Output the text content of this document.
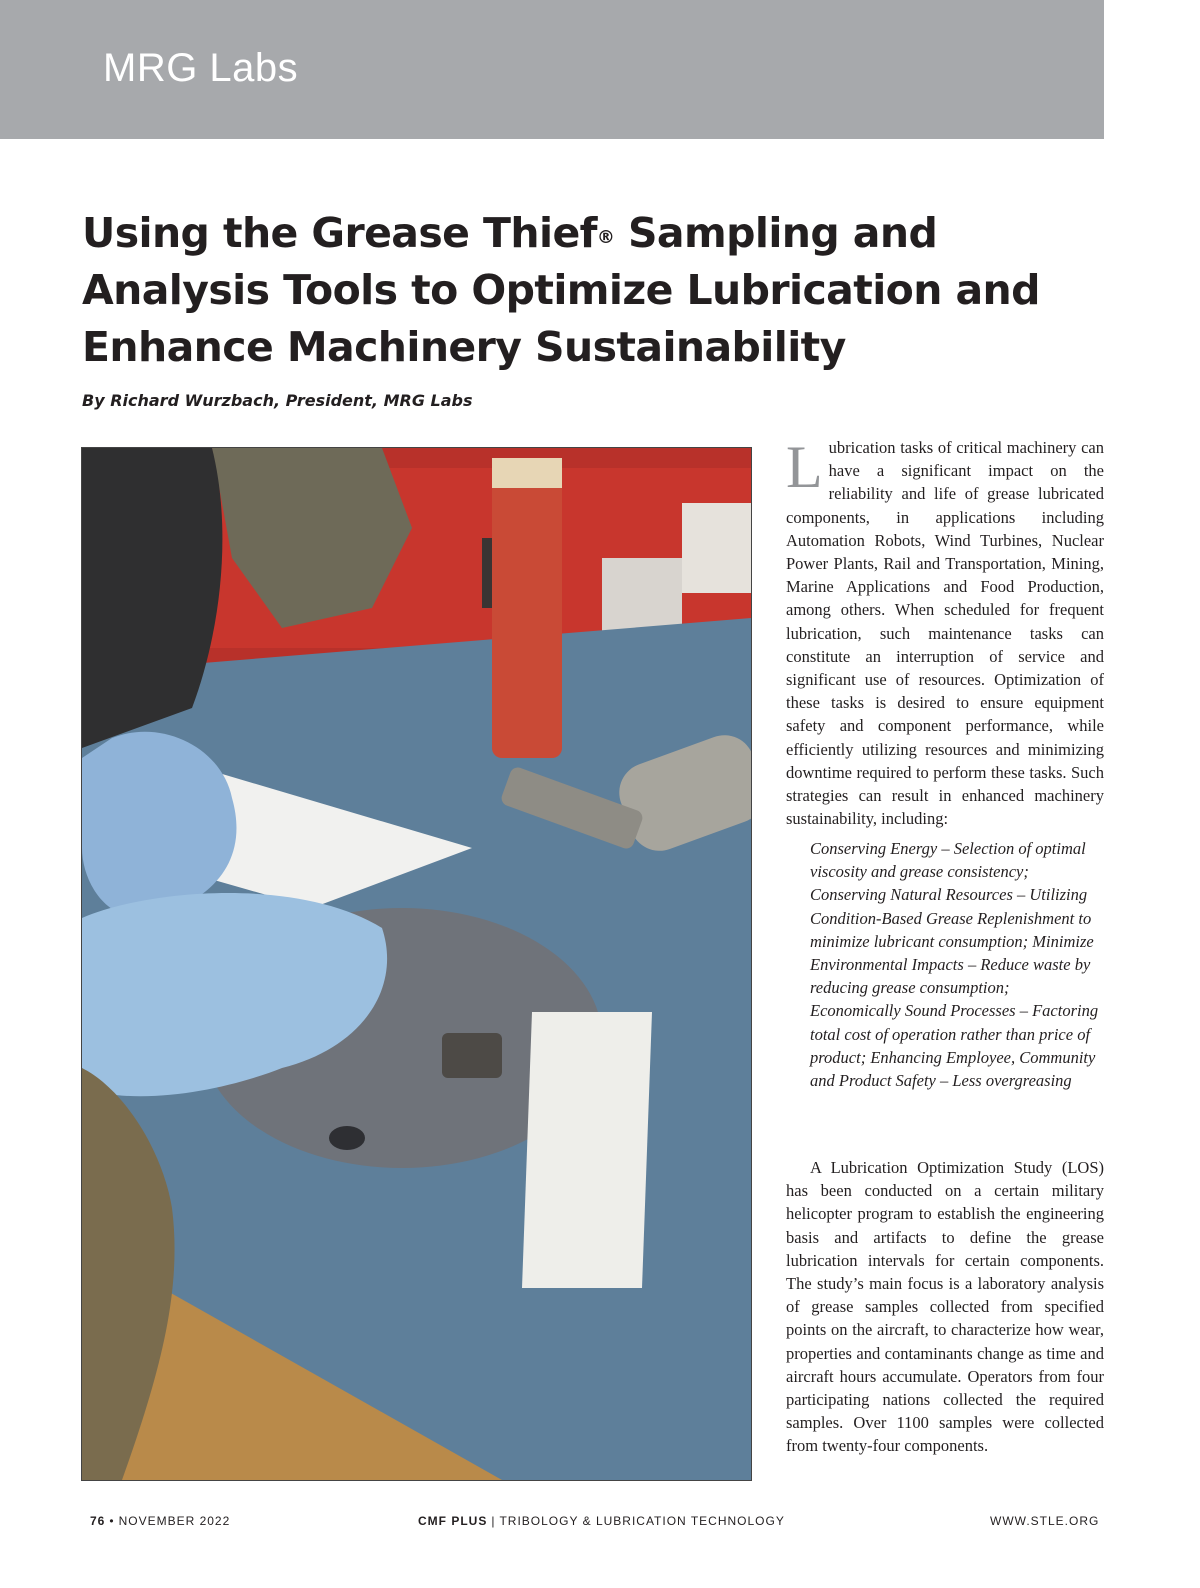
MRG Labs
Using the Grease Thief® Sampling and Analysis Tools to Optimize Lubrication and Enhance Machinery Sustainability
By Richard Wurzbach, President, MRG Labs

Lubrication tasks of critical machinery can have a significant impact on the reliability and life of grease lubricated components, in applications including Automation Robots, Wind Turbines, Nuclear Power Plants, Rail and Transportation, Mining, Marine Applications and Food Production, among others. When scheduled for frequent lubrication, such maintenance tasks can constitute an interruption of service and significant use of resources. Optimization of these tasks is desired to ensure equipment safety and component performance, while efficiently utilizing resources and minimizing downtime required to perform these tasks. Such strategies can result in enhanced machinery sustainability, including:

Conserving Energy – Selection of optimal viscosity and grease consistency; Conserving Natural Resources – Utilizing Condition-Based Grease Replenishment to minimize lubricant consumption; Minimize Environmental Impacts – Reduce waste by reducing grease consumption; Economically Sound Processes – Factoring total cost of operation rather than price of product; Enhancing Employee, Community and Product Safety – Less overgreasing

A Lubrication Optimization Study (LOS) has been conducted on a certain military helicopter program to establish the engineering basis and artifacts to define the grease lubrication intervals for certain components. The study’s main focus is a laboratory analysis of grease samples collected from specified points on the aircraft, to characterize how wear, properties and contaminants change as time and aircraft hours accumulate. Operators from four participating nations collected the required samples. Over 1100 samples were collected from twenty-four components.

76 • NOVEMBER 2022	CMF PLUS | TRIBOLOGY & LUBRICATION TECHNOLOGY	WWW.STLE.ORG
